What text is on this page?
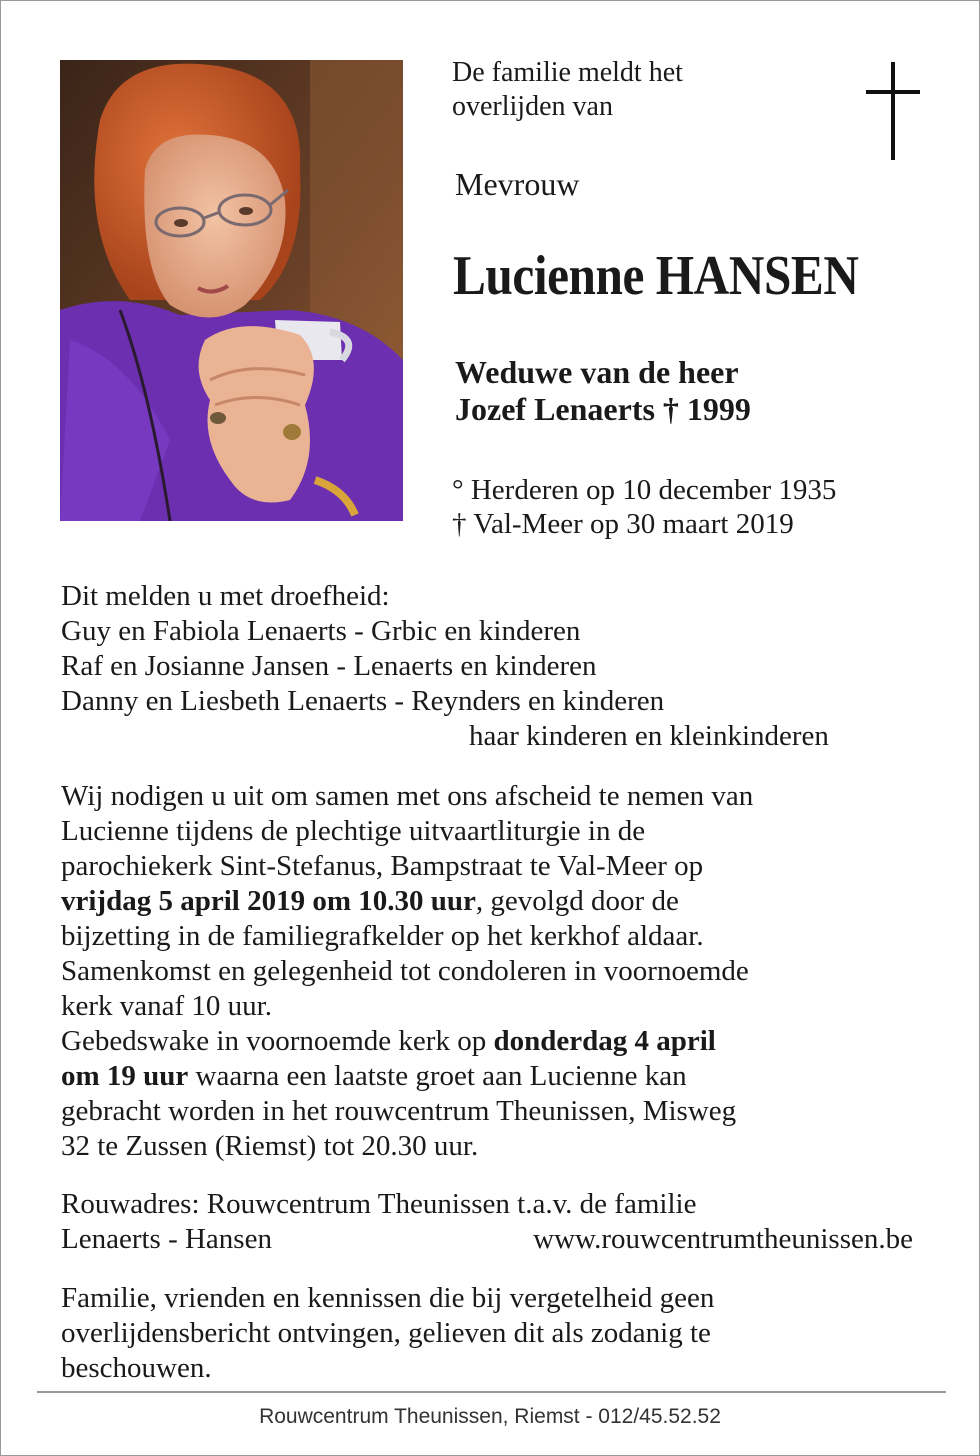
De familie meldt het
overlijden van
Mevrouw
Lucienne HANSEN
Weduwe van de heer
Jozef Lenaerts † 1999
° Herderen op 10 december 1935
† Val-Meer op 30 maart 2019
Dit melden u met droefheid:
Guy en Fabiola Lenaerts - Grbic en kinderen
Raf en Josianne Jansen - Lenaerts en kinderen
Danny en Liesbeth Lenaerts - Reynders en kinderen
haar kinderen en kleinkinderen
Wij nodigen u uit om samen met ons afscheid te nemen van
Lucienne tijdens de plechtige uitvaartliturgie in de
parochiekerk Sint-Stefanus, Bampstraat te Val-Meer op
vrijdag 5 april 2019 om 10.30 uur, gevolgd door de
bijzetting in de familiegrafkelder op het kerkhof aldaar.
Samenkomst en gelegenheid tot condoleren in voornoemde
kerk vanaf 10 uur.
Gebedswake in voornoemde kerk op donderdag 4 april
om 19 uur waarna een laatste groet aan Lucienne kan
gebracht worden in het rouwcentrum Theunissen, Misweg
32 te Zussen (Riemst) tot 20.30 uur.
Rouwadres: Rouwcentrum Theunissen t.a.v. de familie
Lenaerts - Hansen	www.rouwcentrumtheunissen.be
Familie, vrienden en kennissen die bij vergetelheid geen
overlijdensbericht ontvingen, gelieven dit als zodanig te
beschouwen.
Rouwcentrum Theunissen, Riemst - 012/45.52.52
